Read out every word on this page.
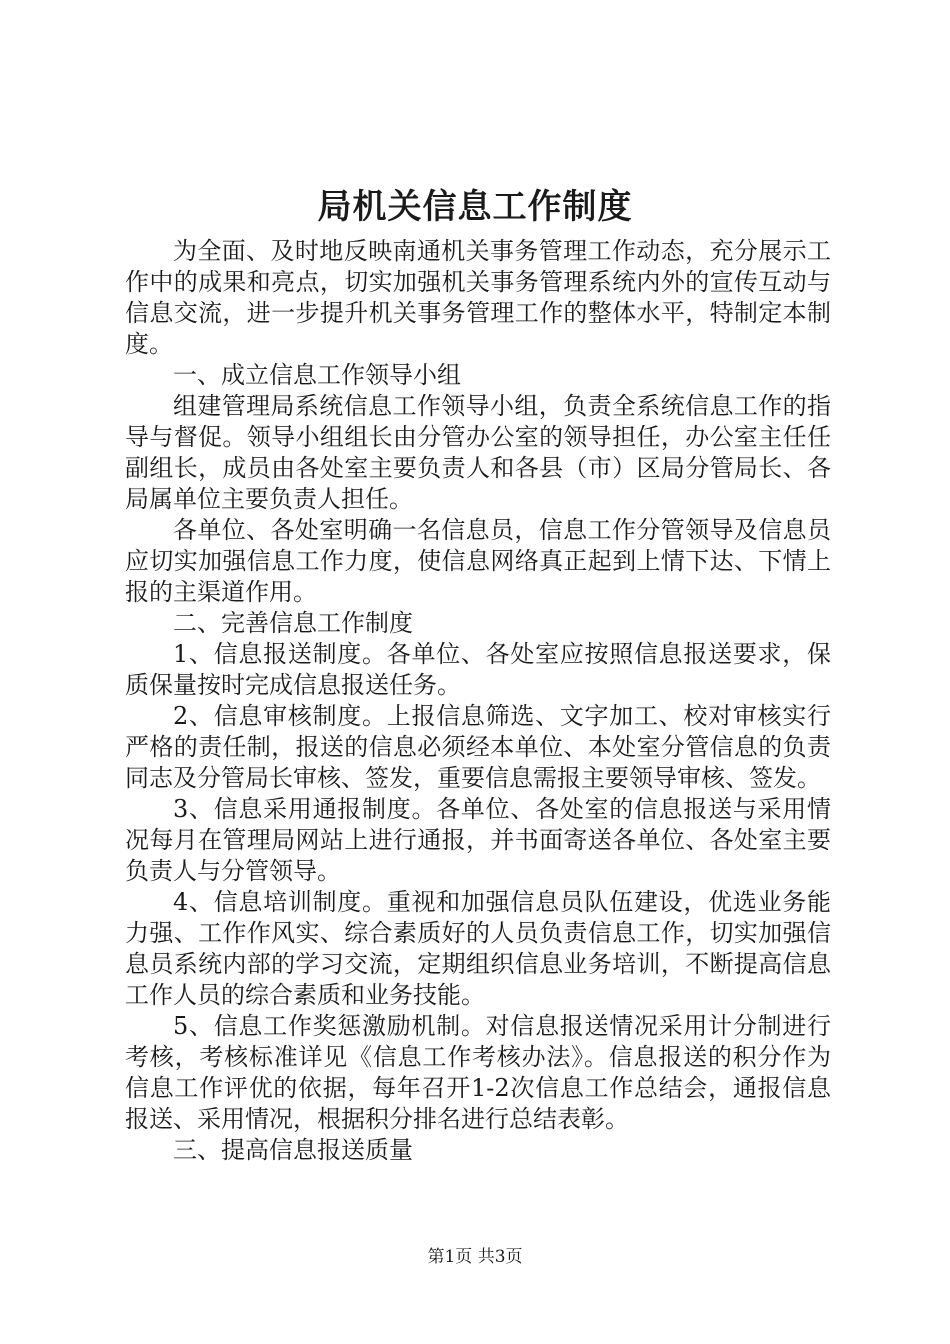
局机关信息工作制度

为全面、及时地反映南通机关事务管理工作动态，充分展示工作中的成果和亮点，切实加强机关事务管理系统内外的宣传互动与信息交流，进一步提升机关事务管理工作的整体水平，特制定本制度。

一、成立信息工作领导小组

组建管理局系统信息工作领导小组，负责全系统信息工作的指导与督促。领导小组组长由分管办公室的领导担任，办公室主任任副组长，成员由各处室主要负责人和各县（市）区局分管局长、各局属单位主要负责人担任。

各单位、各处室明确一名信息员，信息工作分管领导及信息员应切实加强信息工作力度，使信息网络真正起到上情下达、下情上报的主渠道作用。

二、完善信息工作制度

1、信息报送制度。各单位、各处室应按照信息报送要求，保质保量按时完成信息报送任务。

2、信息审核制度。上报信息筛选、文字加工、校对审核实行严格的责任制，报送的信息必须经本单位、本处室分管信息的负责同志及分管局长审核、签发，重要信息需报主要领导审核、签发。

3、信息采用通报制度。各单位、各处室的信息报送与采用情况每月在管理局网站上进行通报，并书面寄送各单位、各处室主要负责人与分管领导。

4、信息培训制度。重视和加强信息员队伍建设，优选业务能力强、工作作风实、综合素质好的人员负责信息工作，切实加强信息员系统内部的学习交流，定期组织信息业务培训，不断提高信息工作人员的综合素质和业务技能。

5、信息工作奖惩激励机制。对信息报送情况采用计分制进行考核，考核标准详见《信息工作考核办法》。信息报送的积分作为信息工作评优的依据，每年召开1-2次信息工作总结会，通报信息报送、采用情况，根据积分排名进行总结表彰。

三、提高信息报送质量

第1页 共3页
